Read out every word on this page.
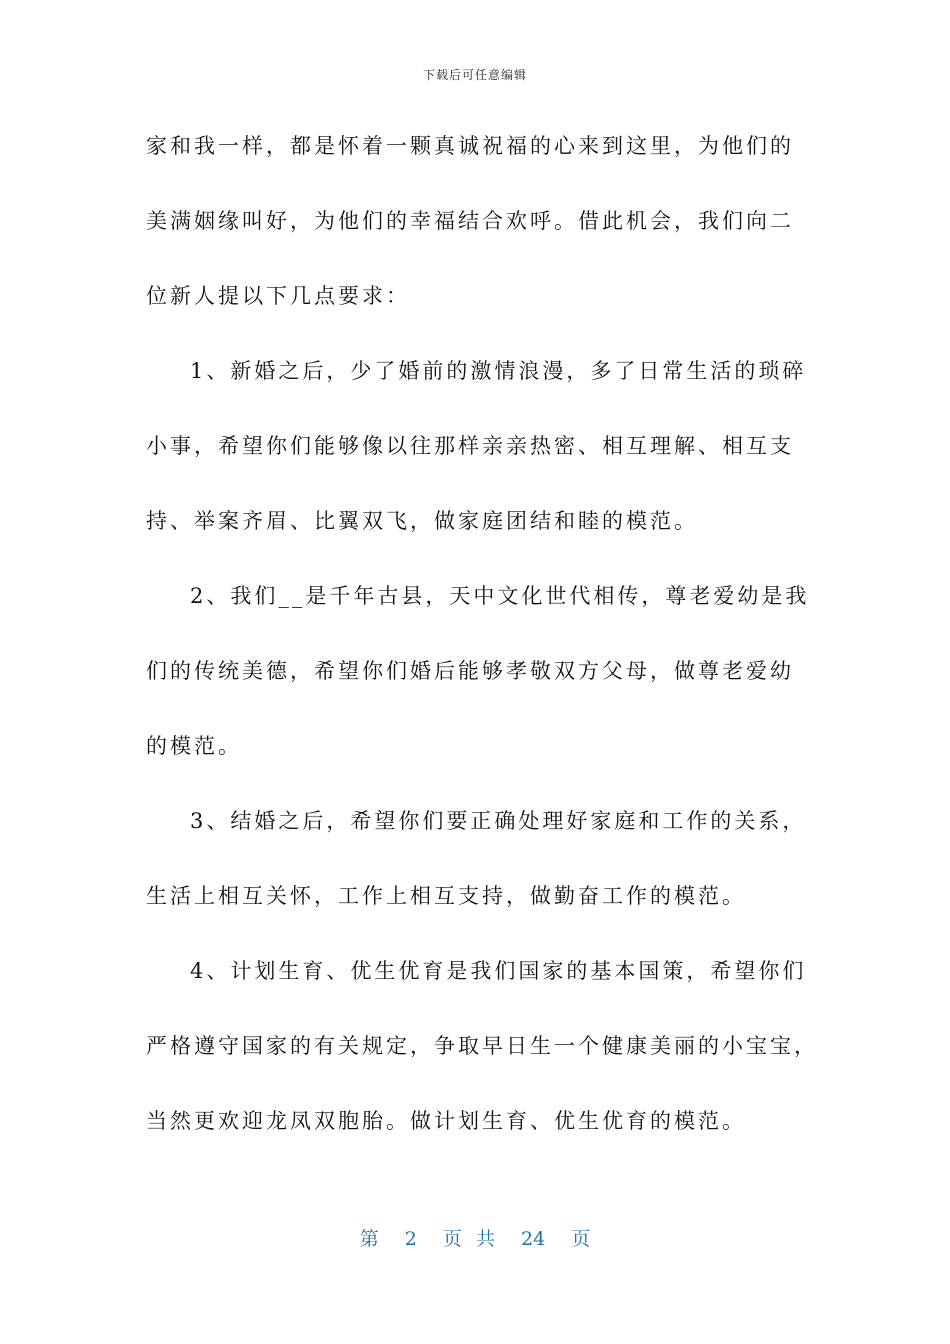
下载后可任意编辑
家和我一样，都是怀着一颗真诚祝福的心来到这里，为他们的
美满姻缘叫好，为他们的幸福结合欢呼。借此机会，我们向二
位新人提以下几点要求：
1、新婚之后，少了婚前的激情浪漫，多了日常生活的琐碎
小事，希望你们能够像以往那样亲亲热密、相互理解、相互支
持、举案齐眉、比翼双飞，做家庭团结和睦的模范。
2、我们__是千年古县，天中文化世代相传，尊老爱幼是我
们的传统美德，希望你们婚后能够孝敬双方父母，做尊老爱幼
的模范。
3、结婚之后，希望你们要正确处理好家庭和工作的关系，
生活上相互关怀，工作上相互支持，做勤奋工作的模范。
4、计划生育、优生优育是我们国家的基本国策，希望你们
严格遵守国家的有关规定，争取早日生一个健康美丽的小宝宝，
当然更欢迎龙凤双胞胎。做计划生育、优生优育的模范。
第 2 页 共 24 页
